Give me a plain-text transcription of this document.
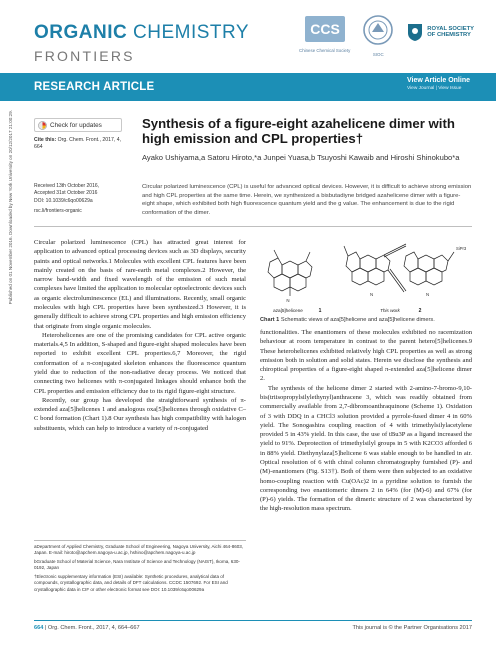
Published on 01 November 2016. Downloaded by New York University on 20/12/2017 21:00:29.
ORGANIC CHEMISTRY
FRONTIERS
CCS
Chinese Chemical Society
SIOC
ROYAL SOCIETY
OF CHEMISTRY
RESEARCH ARTICLE
View Article Online
View Journal | View Issue
Check for updates
Cite this: Org. Chem. Front., 2017, 4, 664
Received 13th October 2016,
Accepted 31st October 2016
DOI: 10.1039/c6qo00629a
rsc.li/frontiers-organic
Synthesis of a figure-eight azahelicene dimer with high emission and CPL properties†
Ayako Ushiyama,a Satoru Hiroto,*a Junpei Yuasa,b Tsuyoshi Kawaib and Hiroshi Shinokubo*a
Circular polarized luminescence (CPL) is useful for advanced optical devices. However, it is difficult to achieve strong emission and high CPL properties at the same time. Herein, we synthesized a bisbutadiyne bridged azahelicene dimer with a figure-eight shape, which exhibited both high fluorescence quantum yield and the g value. The enhancement is due to the rigid conformation of the dimer.

Circular polarized luminescence (CPL) has attracted great interest for application to advanced optical processing devices such as 3D displays, security paints and optical networks.1 Molecules with excellent CPL features have been mainly created on the basis of rare-earth metal complexes.2 However, the narrow band-width and fixed wavelength of the emission of such metal complexes have limited the application to molecular optoelectronic devices such as organic electroluminescence (EL) and illuminations. Recently, small organic molecules with high CPL properties have been synthesized.3 However, it is generally difficult to achieve strong CPL properties and high emission efficiency that originate from single organic molecules.

Heterohelicenes are one of the promising candidates for CPL active organic materials.4,5 In addition, S-shaped and figure-eight shaped molecules have been reported to exhibit excellent CPL properties.6,7 Moreover, the rigid conformation of a π-conjugated skeleton enhances the fluorescence quantum yield due to reduction of the non-radiative decay process. We noticed that connecting two helicenes with π-conjugated linkages should enhance both the CPL properties and emission efficiency due to its rigid figure-eight structure.

Recently, our group has developed the straightforward synthesis of π-extended aza[5]helicenes 1 and analogous oxa[5]helicenes through oxidative C–C bond formation (Chart 1).8 Our synthesis has high compatibility with halogen substituents, which can help to introduce a variety of π-conjugated

N
aza[5]helicene	1
N	N
SiPr3
This work	2
Chart 1 Schematic views of aza[5]helicene and aza[5]helicene dimers.

functionalities. The enantiomers of these molecules exhibited no racemization behaviour at room temperature in contrast to the parent hetero[5]helicenes.9 These heterohelicenes exhibited relatively high CPL properties as well as strong emission both in solution and solid states. Herein we disclose the synthesis and chiroptical properties of a figure-eight shaped π-extended aza[5]helicene dimer 2.

The synthesis of the helicene dimer 2 started with 2-amino-7-bromo-9,10-bis(triisopropylsilylethynyl)anthracene 3, which was readily obtained from commercially available from 2,7-dibromoanthraquinone (Scheme 1). Oxidation of 3 with DDQ in a CHCl3 solution provided a pyrrole-fused dimer 4 in 60% yield. The Sonogashira coupling reaction of 4 with trimethylsilylacetylene provided 5 in 43% yield. In this case, the use of tBu3P as a ligand increased the yield to 91%. Deprotection of trimethylsilyl groups in 5 with K2CO3 afforded 6 in 88% yield. Diethynylaza[5]helicene 6 was stable enough to be handled in air. Optical resolution of 6 with chiral column chromatography furnished (P)- and (M)-enantiomers (Fig. S13†). Both of them were then subjected to an oxidative homo-coupling reaction with Cu(OAc)2 in a pyridine solution to furnish the corresponding two enantiomeric dimers 2 in 64% (for (M)-6) and 67% (for (P)-6) yields. The formation of the dimeric structure of 2 was characterized by the high-resolution mass spectrum.

aDepartment of Applied Chemistry, Graduate School of Engineering, Nagoya University, Aichi 464-8603, Japan. E-mail: hiroto@apchem.nagoya-u.ac.jp, hshino@apchem.nagoya-u.ac.jp

bGraduate School of Material Science, Nara Institute of Science and Technology (NAIST), Ikoma, 630-0192, Japan

†Electronic supplementary information (ESI) available: Synthetic procedures, analytical data of compounds, crystallographic data, and details of DFT calculations. CCDC 1507692. For ESI and crystallographic data in CIF or other electronic format see DOI: 10.1039/c6qo00629a

664 | Org. Chem. Front., 2017, 4, 664–667	This journal is © the Partner Organisations 2017
